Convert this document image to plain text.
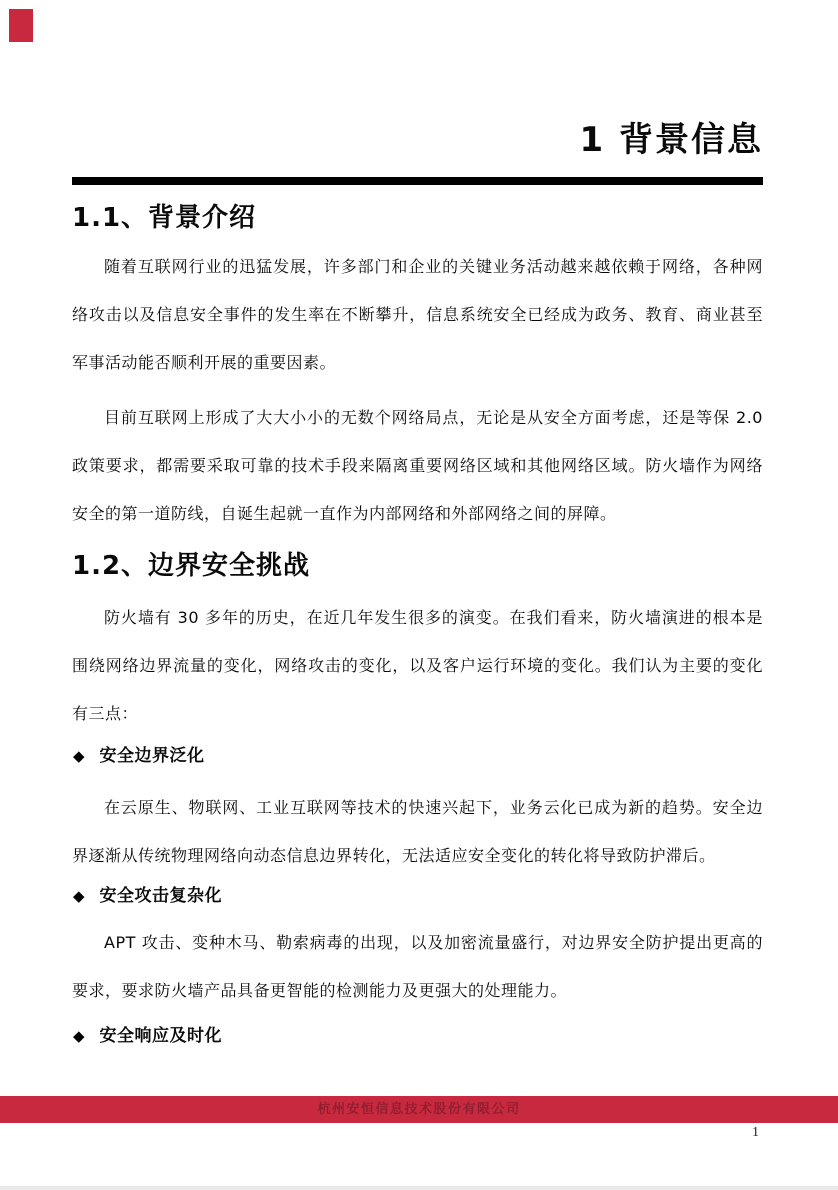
1 背景信息
1.1、背景介绍
随着互联网行业的迅猛发展，许多部门和企业的关键业务活动越来越依赖于网络，各种网络攻击以及信息安全事件的发生率在不断攀升，信息系统安全已经成为政务、教育、商业甚至军事活动能否顺利开展的重要因素。
目前互联网上形成了大大小小的无数个网络局点，无论是从安全方面考虑，还是等保 2.0 政策要求，都需要采取可靠的技术手段来隔离重要网络区域和其他网络区域。防火墙作为网络安全的第一道防线，自诞生起就一直作为内部网络和外部网络之间的屏障。
1.2、边界安全挑战
防火墙有 30 多年的历史，在近几年发生很多的演变。在我们看来，防火墙演进的根本是围绕网络边界流量的变化，网络攻击的变化，以及客户运行环境的变化。我们认为主要的变化有三点：
◆ 安全边界泛化
在云原生、物联网、工业互联网等技术的快速兴起下，业务云化已成为新的趋势。安全边界逐渐从传统物理网络向动态信息边界转化，无法适应安全变化的转化将导致防护滞后。
◆ 安全攻击复杂化
APT 攻击、变种木马、勒索病毒的出现，以及加密流量盛行，对边界安全防护提出更高的要求，要求防火墙产品具备更智能的检测能力及更强大的处理能力。
◆ 安全响应及时化
杭州安恒信息技术股份有限公司
1
